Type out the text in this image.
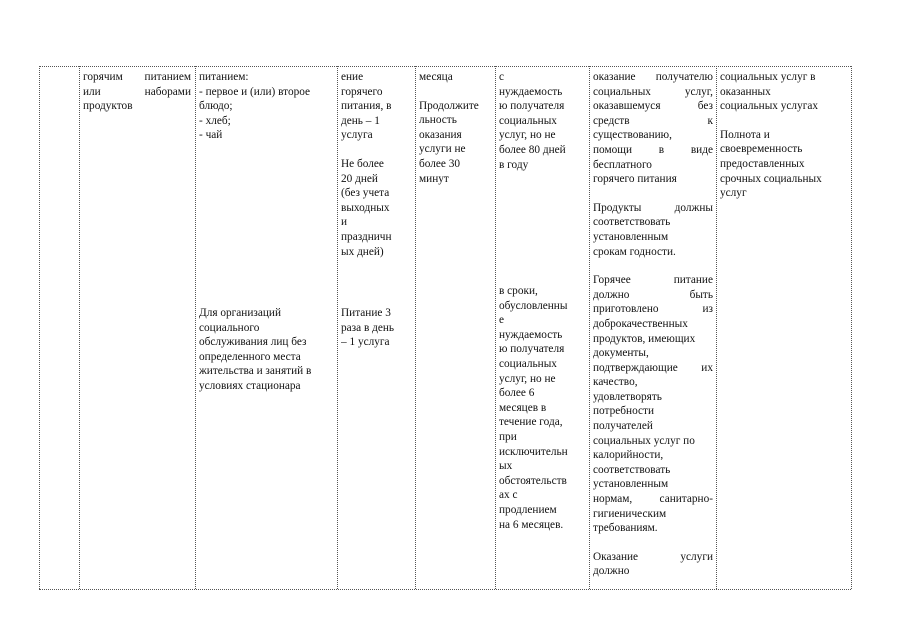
горячим питанием

или наборами

продуктов

питанием:

- первое и (или) второе

блюдо;

- хлеб;

- чай

Для организаций

социального

обслуживания лиц без

определенного места

жительства и занятий в

условиях стационара

ение

горячего

питания, в

день – 1

услуга

Не более

20 дней

(без учета

выходных

и

праздничн

ых дней)

Питание 3

раза в день

– 1 услуга

месяца

Продолжите

льность

оказания

услуги не

более 30

минут

с

нуждаемость

ю получателя

социальных

услуг, но не

более 80 дней

в году

в сроки,

обусловленны

е

нуждаемость

ю получателя

социальных

услуг, но не

более 6

месяцев в

течение года,

при

исключительн

ых

обстоятельств

ах с

продлением

на 6 месяцев.

оказание получателю

социальных услуг,

оказавшемуся без

средств к

существованию,

помощи в виде

бесплатного

горячего питания

Продукты должны

соответствовать

установленным

срокам годности.

Горячее питание

должно быть

приготовлено из

доброкачественных

продуктов, имеющих

документы,

подтверждающие их

качество,

удовлетворять

потребности

получателей

социальных услуг по

калорийности,

соответствовать

установленным

нормам, санитарно-

гигиеническим

требованиям.

Оказание услуги

должно

социальных услуг в

оказанных

социальных услугах

Полнота и

своевременность

предоставленных

срочных социальных

услуг
